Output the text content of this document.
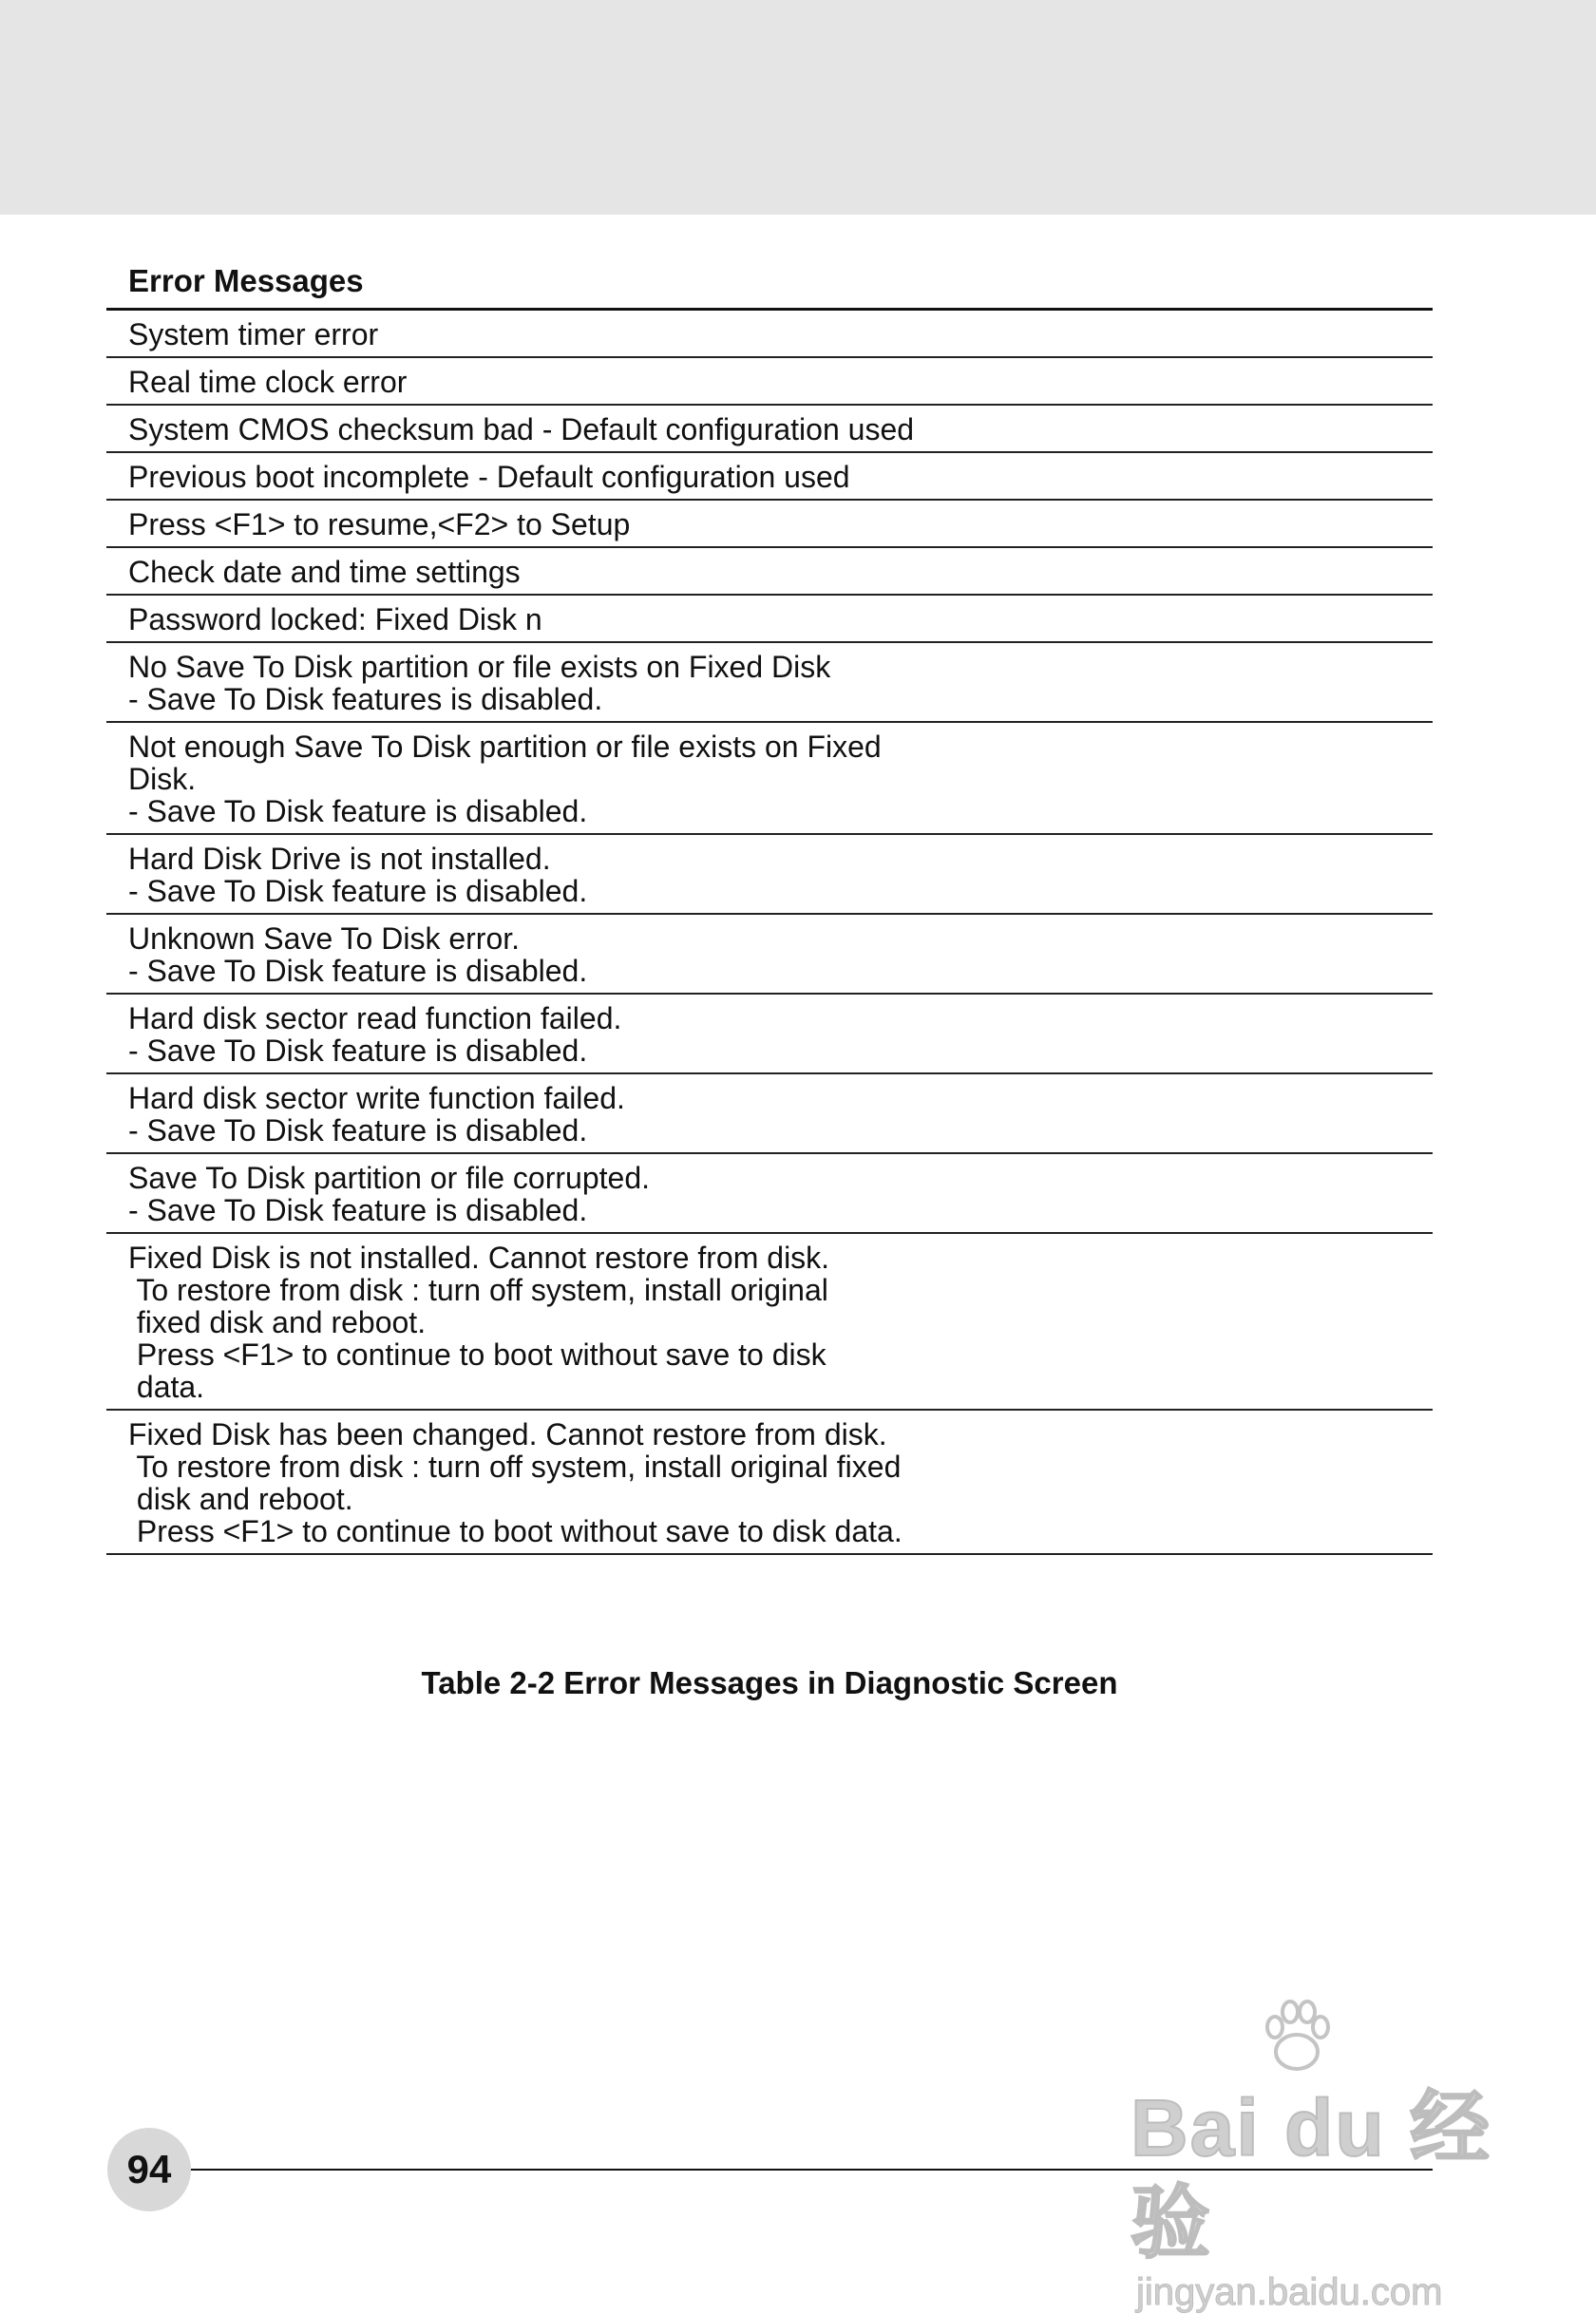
Error Messages
System timer error
Real time clock error
System CMOS checksum bad - Default configuration used
Previous boot incomplete - Default configuration used
Press <F1> to resume,<F2> to Setup
Check date and time settings
Password locked: Fixed Disk n
No Save To Disk partition or file exists on Fixed Disk
- Save To Disk features is disabled.
Not enough Save To Disk partition or file exists on Fixed
Disk.
- Save To Disk feature is disabled.
Hard Disk Drive is not installed.
- Save To Disk feature is disabled.
Unknown Save To Disk error.
- Save To Disk feature is disabled.
Hard disk sector read function failed.
- Save To Disk feature is disabled.
Hard disk sector write function failed.
- Save To Disk feature is disabled.
Save To Disk partition or file corrupted.
- Save To Disk feature is disabled.
Fixed Disk is not installed. Cannot restore from disk.
To restore from disk : turn off system, install original
fixed disk and reboot.
Press <F1> to continue to boot without save to disk
data.
Fixed Disk has been changed. Cannot restore from disk.
To restore from disk : turn off system, install original fixed
disk and reboot.
Press <F1> to continue to boot without save to disk data.
Table 2-2 Error Messages in Diagnostic Screen
94	Bai du 经验
jingyan.baidu.com
